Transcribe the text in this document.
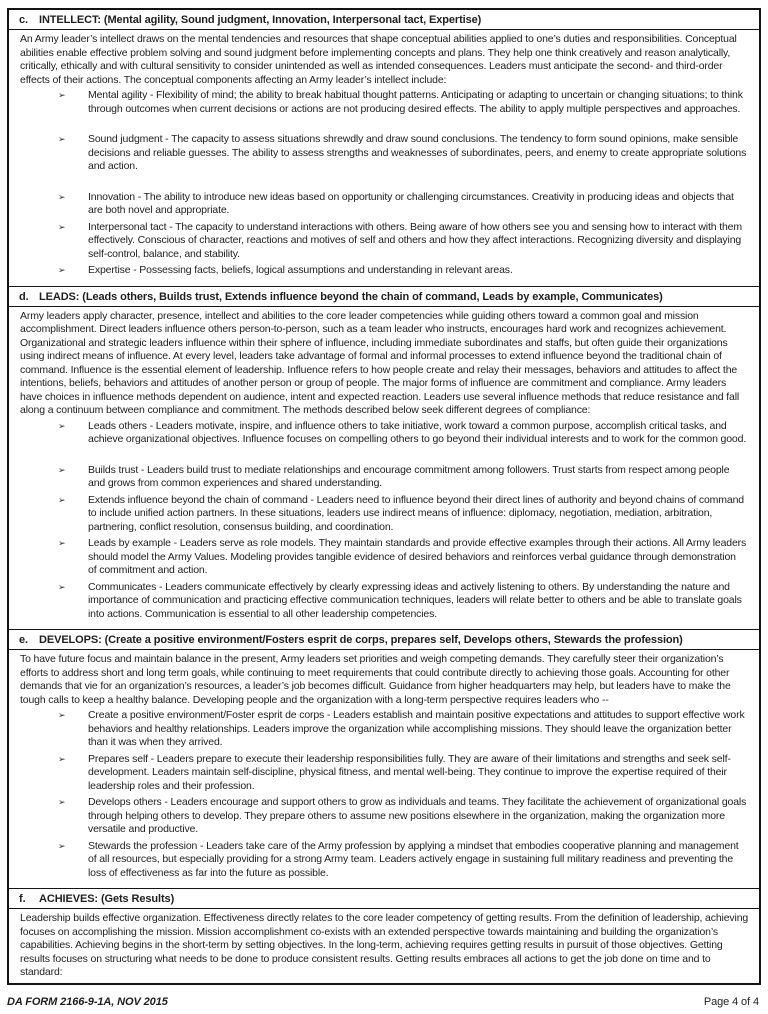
c.	INTELLECT: (Mental agility, Sound judgment, Innovation, Interpersonal tact, Expertise)
An Army leader’s intellect draws on the mental tendencies and resources that shape conceptual abilities applied to one’s duties and responsibilities. Conceptual abilities enable effective problem solving and sound judgment before implementing concepts and plans. They help one think creatively and reason analytically, critically, ethically and with cultural sensitivity to consider unintended as well as intended consequences. Leaders must anticipate the second- and third-order effects of their actions. The conceptual components affecting an Army leader’s intellect include:
➢	Mental agility - Flexibility of mind; the ability to break habitual thought patterns. Anticipating or adapting to uncertain or changing situations; to think through outcomes when current decisions or actions are not producing desired effects. The ability to apply multiple perspectives and approaches.
➢	Sound judgment - The capacity to assess situations shrewdly and draw sound conclusions. The tendency to form sound opinions, make sensible decisions and reliable guesses. The ability to assess strengths and weaknesses of subordinates, peers, and enemy to create appropriate solutions and action.
➢	Innovation - The ability to introduce new ideas based on opportunity or challenging circumstances. Creativity in producing ideas and objects that are both novel and appropriate.
➢	Interpersonal tact - The capacity to understand interactions with others. Being aware of how others see you and sensing how to interact with them effectively. Conscious of character, reactions and motives of self and others and how they affect interactions. Recognizing diversity and displaying self-control, balance, and stability.
➢	Expertise - Possessing facts, beliefs, logical assumptions and understanding in relevant areas.
d. LEADS: (Leads others, Builds trust, Extends influence beyond the chain of command, Leads by example, Communicates)
Army leaders apply character, presence, intellect and abilities to the core leader competencies while guiding others toward a common goal and mission accomplishment. Direct leaders influence others person-to-person, such as a team leader who instructs, encourages hard work and recognizes achievement. Organizational and strategic leaders influence within their sphere of influence, including immediate subordinates and staffs, but often guide their organizations using indirect means of influence. At every level, leaders take advantage of formal and informal processes to extend influence beyond the traditional chain of command. Influence is the essential element of leadership. Influence refers to how people create and relay their messages, behaviors and attitudes to affect the intentions, beliefs, behaviors and attitudes of another person or group of people. The major forms of influence are commitment and compliance. Army leaders have choices in influence methods dependent on audience, intent and expected reaction. Leaders use several influence methods that reduce resistance and fall along a continuum between compliance and commitment. The methods described below seek different degrees of compliance:
➢	Leads others - Leaders motivate, inspire, and influence others to take initiative, work toward a common purpose, accomplish critical tasks, and achieve organizational objectives. Influence focuses on compelling others to go beyond their individual interests and to work for the common good.
➢	Builds trust - Leaders build trust to mediate relationships and encourage commitment among followers. Trust starts from respect among people and grows from common experiences and shared understanding.
➢	Extends influence beyond the chain of command - Leaders need to influence beyond their direct lines of authority and beyond chains of command to include unified action partners. In these situations, leaders use indirect means of influence: diplomacy, negotiation, mediation, arbitration, partnering, conflict resolution, consensus building, and coordination.
➢	Leads by example - Leaders serve as role models. They maintain standards and provide effective examples through their actions. All Army leaders should model the Army Values. Modeling provides tangible evidence of desired behaviors and reinforces verbal guidance through demonstration of commitment and action.
➢	Communicates - Leaders communicate effectively by clearly expressing ideas and actively listening to others. By understanding the nature and importance of communication and practicing effective communication techniques, leaders will relate better to others and be able to translate goals into actions. Communication is essential to all other leadership competencies.
e.	DEVELOPS: (Create a positive environment/Fosters esprit de corps, prepares self, Develops others, Stewards the profession)
To have future focus and maintain balance in the present, Army leaders set priorities and weigh competing demands. They carefully steer their organization’s efforts to address short and long term goals, while continuing to meet requirements that could contribute directly to achieving those goals. Accounting for other demands that vie for an organization’s resources, a leader’s job becomes difficult. Guidance from higher headquarters may help, but leaders have to make the tough calls to keep a healthy balance. Developing people and the organization with a long-term perspective requires leaders who --
➢	Create a positive environment/Foster esprit de corps - Leaders establish and maintain positive expectations and attitudes to support effective work behaviors and healthy relationships. Leaders improve the organization while accomplishing missions. They should leave the organization better than it was when they arrived.
➢	Prepares self - Leaders prepare to execute their leadership responsibilities fully. They are aware of their limitations and strengths and seek self-development. Leaders maintain self-discipline, physical fitness, and mental well-being. They continue to improve the expertise required of their leadership roles and their profession.
➢	Develops others - Leaders encourage and support others to grow as individuals and teams. They facilitate the achievement of organizational goals through helping others to develop. They prepare others to assume new positions elsewhere in the organization, making the organization more versatile and productive.
➢	Stewards the profession - Leaders take care of the Army profession by applying a mindset that embodies cooperative planning and management of all resources, but especially providing for a strong Army team. Leaders actively engage in sustaining full military readiness and preventing the loss of effectiveness as far into the future as possible.
f.	ACHIEVES: (Gets Results)
Leadership builds effective organization. Effectiveness directly relates to the core leader competency of getting results. From the definition of leadership, achieving focuses on accomplishing the mission. Mission accomplishment co-exists with an extended perspective towards maintaining and building the organization’s capabilities. Achieving begins in the short-term by setting objectives. In the long-term, achieving requires getting results in pursuit of those objectives. Getting results focuses on structuring what needs to be done to produce consistent results. Getting results embraces all actions to get the job done on time and to standard:
DA FORM 2166-9-1A, NOV 2015	Page 4 of 4
